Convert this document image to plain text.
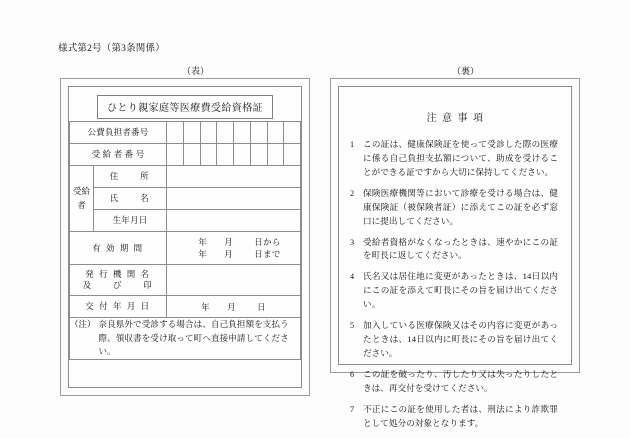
様式第2号（第3条関係）
（表）	（裏）
ひとり親家庭等医療費受給資格証
公費負担者番号									
受 給 者 番 号									
受給者	住　　所								
	氏　　名								
	生年月日								
有 効 期 間		年 月 日から
年 月 日まで							

発 行 機 関 名
及　　び　　印									

交 付 年 月 日		年 月 日							

（注） 奈良県外で受診する場合は、自己負担額を支払う際、領収書を受け取って町へ直接申請してください。									
注意事項
1	この証は、健康保険証を使って受診した際の医療に係る自己負担支払額について、助成を受けることができる証ですから大切に保持してください。
2	保険医療機関等において診療を受ける場合は、健康保険証（被保険者証）に添えてこの証を必ず窓口に提出してください。
3	受給者資格がなくなったときは、速やかにこの証を町長に返してください。
4	氏名又は居住地に変更があったときは、14日以内にこの証を添えて町長にその旨を届け出てください。
5	加入している医療保険又はその内容に変更があったときは、14日以内に町長にその旨を届け出てください。
6	この証を破ったり、汚したり又は失ったりしたときは、再交付を受けてください。
7	不正にこの証を使用した者は、刑法により詐欺罪として処分の対象となります。
